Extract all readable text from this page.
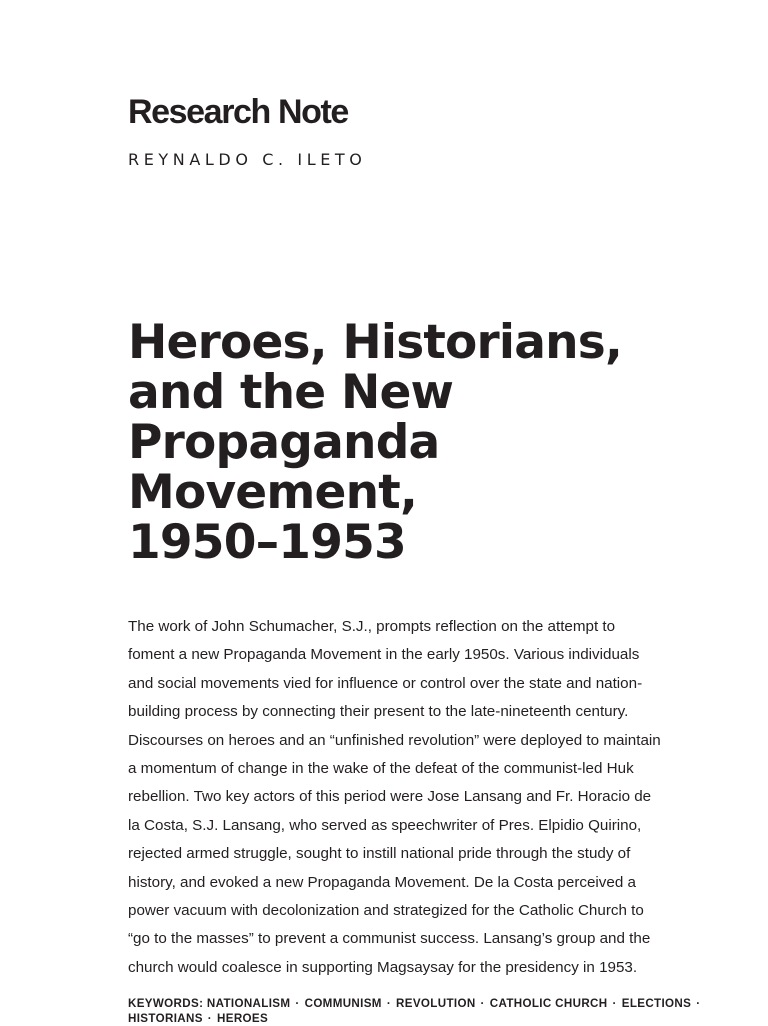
Research Note
REYNALDO C. ILETO
Heroes, Historians,
and the New
Propaganda
Movement,
1950–1953
The work of John Schumacher, S.J., prompts reflection on the attempt to
foment a new Propaganda Movement in the early 1950s. Various individuals
and social movements vied for influence or control over the state and nation-
building process by connecting their present to the late-nineteenth century.
Discourses on heroes and an “unfinished revolution” were deployed to maintain
a momentum of change in the wake of the defeat of the communist-led Huk
rebellion. Two key actors of this period were Jose Lansang and Fr. Horacio de
la Costa, S.J. Lansang, who served as speechwriter of Pres. Elpidio Quirino,
rejected armed struggle, sought to instill national pride through the study of
history, and evoked a new Propaganda Movement. De la Costa perceived a
power vacuum with decolonization and strategized for the Catholic Church to
“go to the masses” to prevent a communist success. Lansang’s group and the
church would coalesce in supporting Magsaysay for the presidency in 1953.
KEYWORDS: NATIONALISM · COMMUNISM · REVOLUTION · CATHOLIC CHURCH · ELECTIONS ·
HISTORIANS · HEROES
